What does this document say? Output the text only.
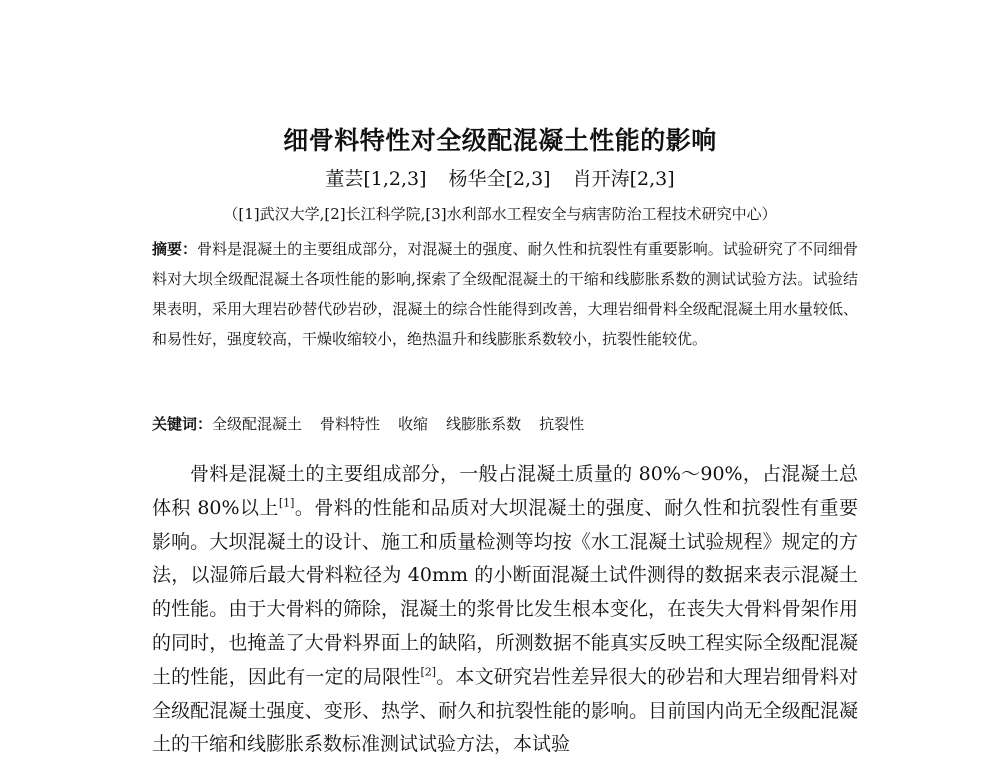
细骨料特性对全级配混凝土性能的影响
董芸[1,2,3] 杨华全[2,3] 肖开涛[2,3]
（[1]武汉大学,[2]长江科学院,[3]水利部水工程安全与病害防治工程技术研究中心）
摘要：骨料是混凝土的主要组成部分，对混凝土的强度、耐久性和抗裂性有重要影响。试验研究了不同细骨料对大坝全级配混凝土各项性能的影响,探索了全级配混凝土的干缩和线膨胀系数的测试试验方法。试验结果表明，采用大理岩砂替代砂岩砂，混凝土的综合性能得到改善，大理岩细骨料全级配混凝土用水量较低、和易性好，强度较高，干燥收缩较小，绝热温升和线膨胀系数较小，抗裂性能较优。
关键词：全级配混凝土 骨料特性 收缩 线膨胀系数 抗裂性

骨料是混凝土的主要组成部分，一般占混凝土质量的 80%～90%，占混凝土总体积 80%以上[1]。骨料的性能和品质对大坝混凝土的强度、耐久性和抗裂性有重要影响。大坝混凝土的设计、施工和质量检测等均按《水工混凝土试验规程》规定的方法，以湿筛后最大骨料粒径为 40mm 的小断面混凝土试件测得的数据来表示混凝土的性能。由于大骨料的筛除，混凝土的浆骨比发生根本变化，在丧失大骨料骨架作用的同时，也掩盖了大骨料界面上的缺陷，所测数据不能真实反映工程实际全级配混凝土的性能，因此有一定的局限性[2]。本文研究岩性差异很大的砂岩和大理岩细骨料对全级配混凝土强度、变形、热学、耐久和抗裂性能的影响。目前国内尚无全级配混凝土的干缩和线膨胀系数标准测试试验方法，本试验
